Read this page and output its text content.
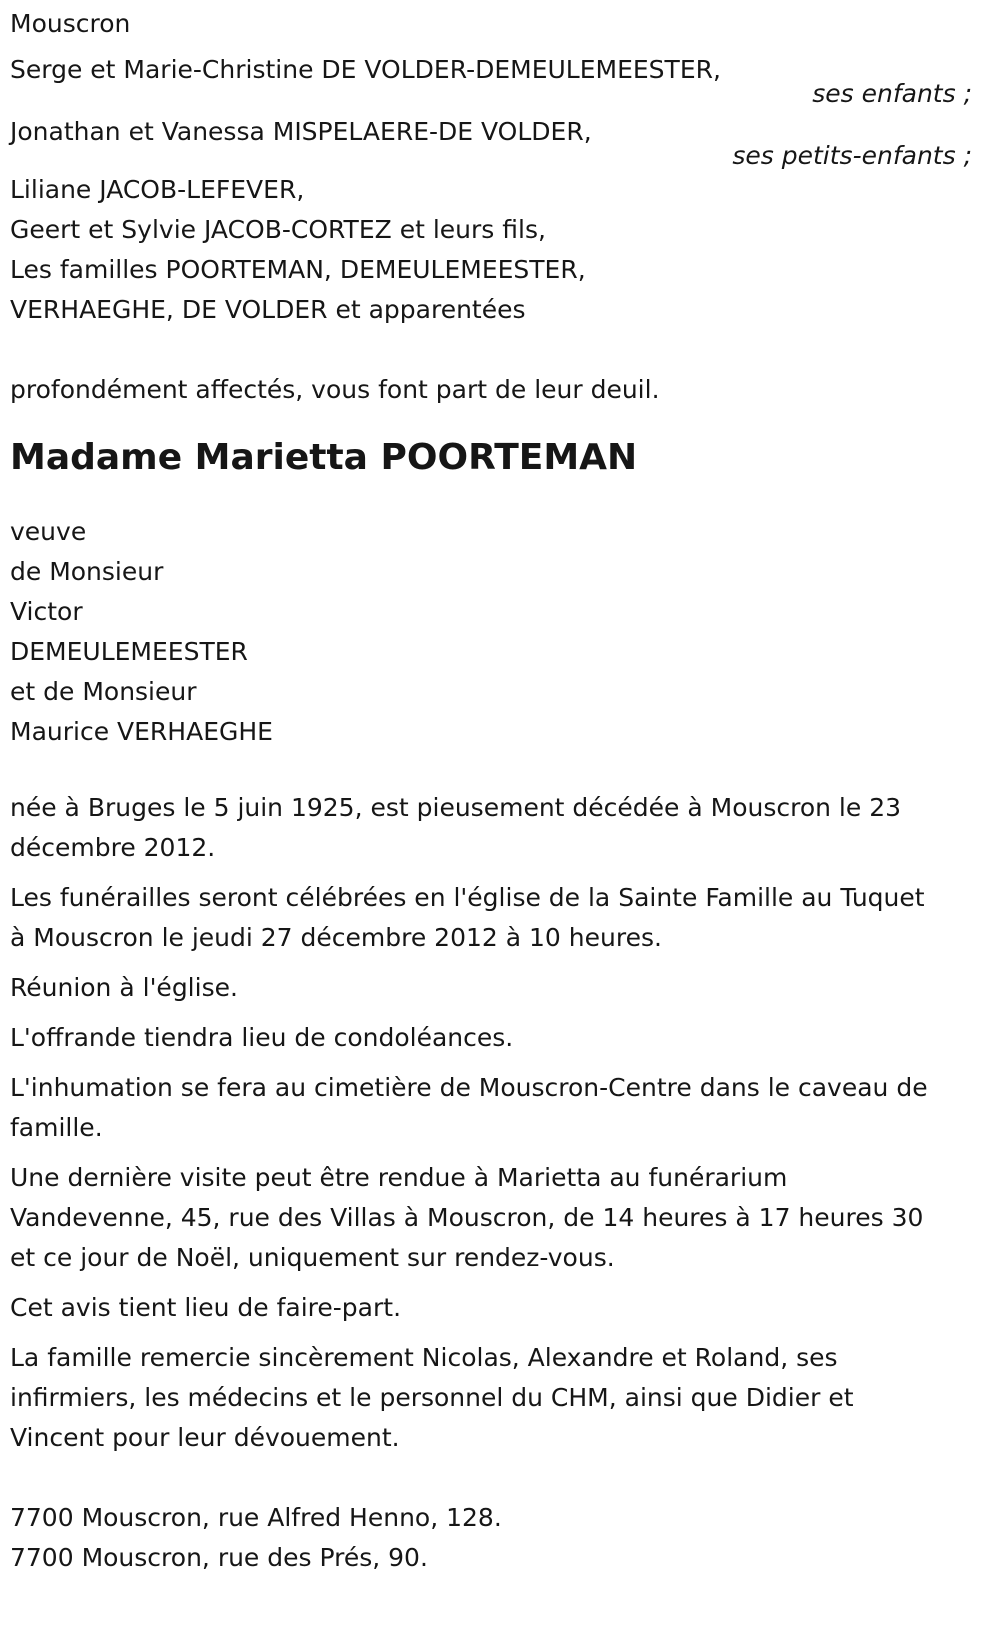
Mouscron

Serge et Marie-Christine DE VOLDER-DEMEULEMEESTER,

ses enfants ;

Jonathan et Vanessa MISPELAERE-DE VOLDER,

ses petits-enfants ;

Liliane JACOB-LEFEVER,

Geert et Sylvie JACOB-CORTEZ et leurs fils,

Les familles POORTEMAN, DEMEULEMEESTER,

VERHAEGHE, DE VOLDER et apparentées

profondément affectés, vous font part de leur deuil.

Madame Marietta POORTEMAN

veuve

de Monsieur

Victor

DEMEULEMEESTER

et de Monsieur

Maurice VERHAEGHE

née à Bruges le 5 juin 1925, est pieusement décédée à Mouscron le 23

décembre 2012.

Les funérailles seront célébrées en l'église de la Sainte Famille au Tuquet

à Mouscron le jeudi 27 décembre 2012 à 10 heures.

Réunion à l'église.

L'offrande tiendra lieu de condoléances.

L'inhumation se fera au cimetière de Mouscron-Centre dans le caveau de

famille.

Une dernière visite peut être rendue à Marietta au funérarium

Vandevenne, 45, rue des Villas à Mouscron, de 14 heures à 17 heures 30

et ce jour de Noël, uniquement sur rendez-vous.

Cet avis tient lieu de faire-part.

La famille remercie sincèrement Nicolas, Alexandre et Roland, ses

infirmiers, les médecins et le personnel du CHM, ainsi que Didier et

Vincent pour leur dévouement.

7700 Mouscron, rue Alfred Henno, 128.

7700 Mouscron, rue des Prés, 90.
